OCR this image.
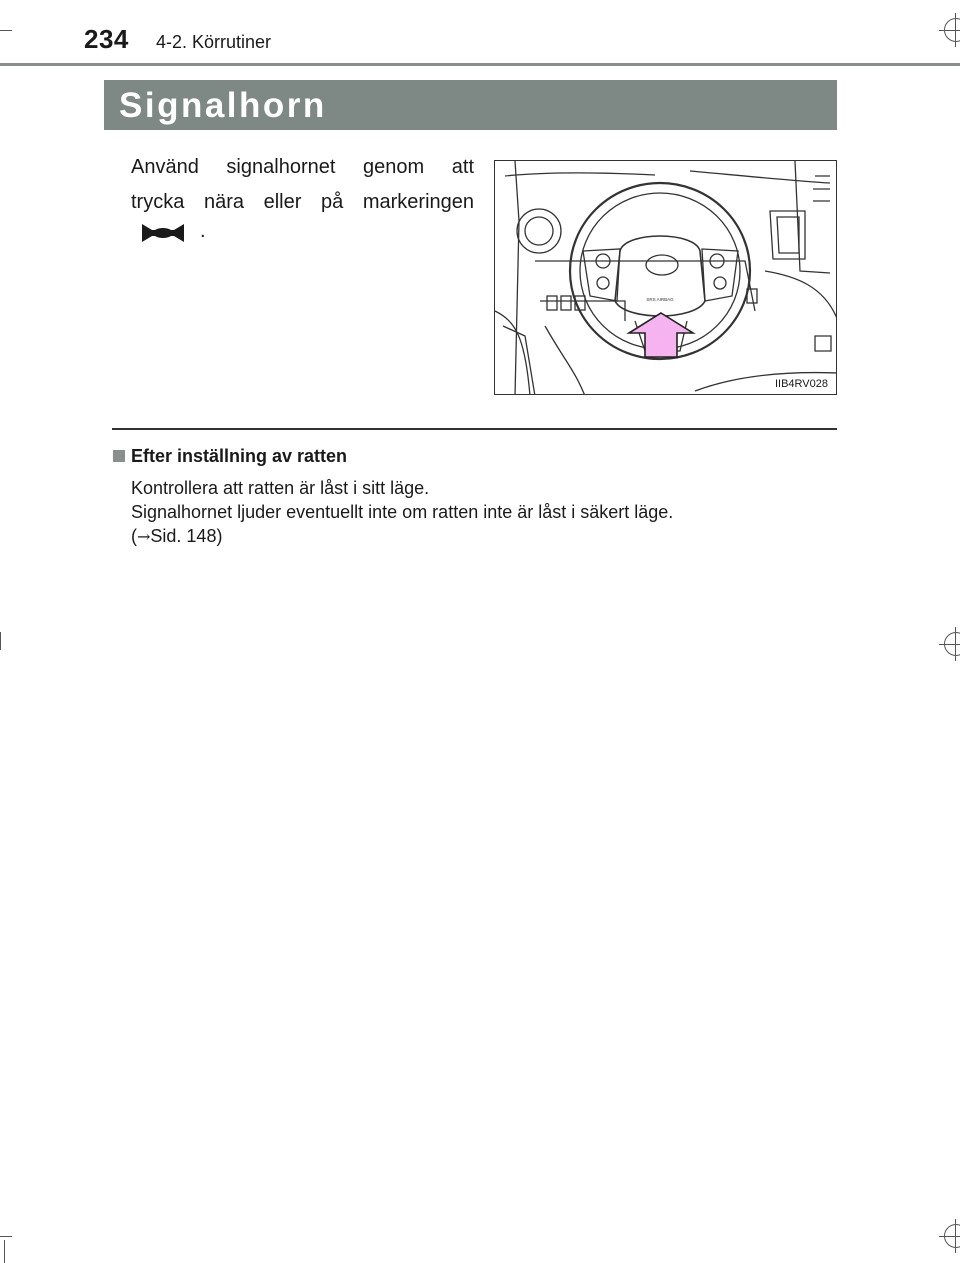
234 4-2. Körrutiner
Signalhorn
Använd signalhornet genom att trycka nära eller på markeringen
.
SRS AIRBAG
IIB4RV028
Efter inställning av ratten
Kontrollera att ratten är låst i sitt läge.
Signalhornet ljuder eventuellt inte om ratten inte är låst i säkert läge.
(→Sid. 148)
